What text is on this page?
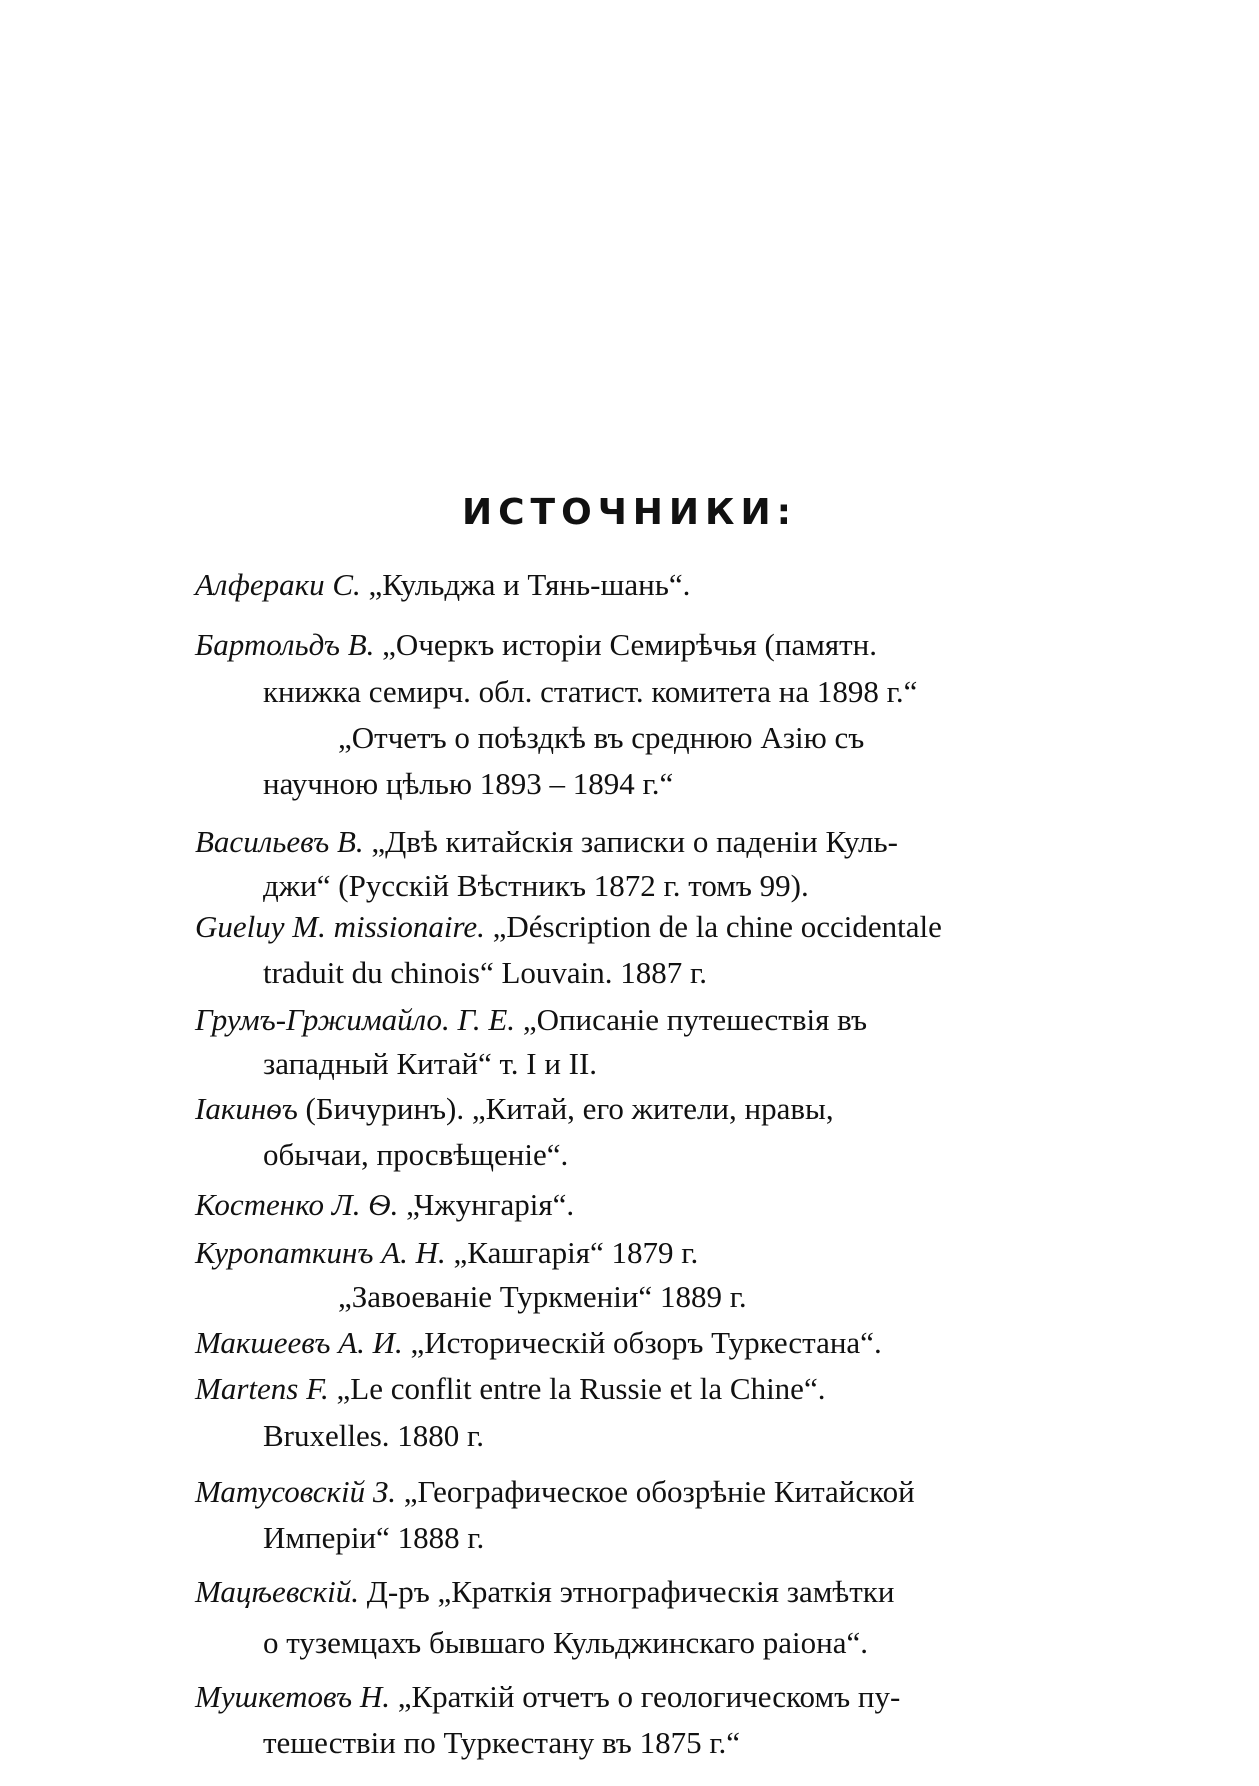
ИСТОЧНИКИ:
Алфераки С. „Кульджа и Тянь-шань“.
Бартольдъ В. „Очеркъ исторіи Семирѣчья (памятн.
книжка семирч. обл. статист. комитета на 1898 г.“
„Отчетъ о поѣздкѣ въ среднюю Азію съ
научною цѣлью 1893 – 1894 г.“
Васильевъ В. „Двѣ китайскія записки о паденіи Куль-
джи“ (Русскій Вѣстникъ 1872 г. томъ 99).
Gueluy M. missionaire. „Déscription de la chine occidentale
traduit du chinois“ Louvain. 1887 г.
Грумъ-Гржимайло. Г. Е. „Описаніе путешествія въ
западный Китай“ т. I и II.
Іакинѳъ (Бичуринъ). „Китай, его жители, нравы,
обычаи, просвѣщеніе“.
Костенко Л. Ѳ. „Чжунгарія“.
Куропаткинъ А. Н. „Кашгарія“ 1879 г.
„Завоеваніе Туркменіи“ 1889 г.
Макшеевъ А. И. „Историческій обзоръ Туркестана“.
Martens F. „Le conflit entre la Russie et la Chine“.
Bruxelles. 1880 г.
Матусовскій З. „Географическое обозрѣніе Китайской
Имперіи“ 1888 г.
Мацѣевскій. Д-ръ „Краткія этнографическія замѣтки
о туземцахъ бывшаго Кульджинскаго раіона“.
Мушкетовъ Н. „Краткій отчетъ о геологическомъ пу-
тешествіи по Туркестану въ 1875 г.“
